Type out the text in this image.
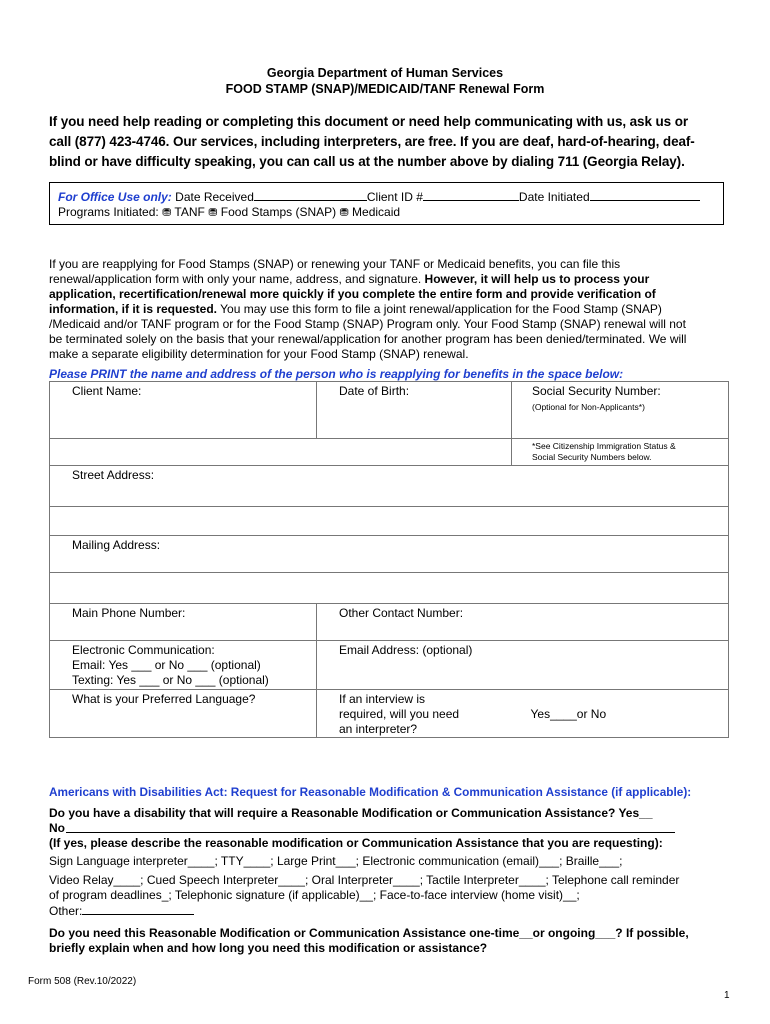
Georgia Department of Human Services
FOOD STAMP (SNAP)/MEDICAID/TANF Renewal Form
If you need help reading or completing this document or need help communicating with us, ask us or
call (877) 423-4746. Our services, including interpreters, are free. If you are deaf, hard-of-hearing, deaf-
blind or have difficulty speaking, you can call us at the number above by dialing 711 (Georgia Relay).
For Office Use only: Date Received	Client ID #	Date Initiated
Programs Initiated: ⛃ TANF ⛃ Food Stamps (SNAP) ⛃ Medicaid
If you are reapplying for Food Stamps (SNAP) or renewing your TANF or Medicaid benefits, you can file this
renewal/application form with only your name, address, and signature. However, it will help us to process your
application, recertification/renewal more quickly if you complete the entire form and provide verification of
information, if it is requested. You may use this form to file a joint renewal/application for the Food Stamp (SNAP)
/Medicaid and/or TANF program or for the Food Stamp (SNAP) Program only. Your Food Stamp (SNAP) renewal will not
be terminated solely on the basis that your renewal/application for another program has been denied/terminated. We will
make a separate eligibility determination for your Food Stamp (SNAP) renewal.
Please PRINT the name and address of the person who is reapplying for benefits in the space below:
Client Name:	Date of Birth:	Social Security Number:
(Optional for Non-Applicants*)

		*See Citizenship Immigration Status &
Social Security Numbers below.

Street Address:		

Mailing Address:		

Main Phone Number:	Other Contact Number:	

Electronic Communication:
Email: Yes ___ or No ___ (optional)
Texting: Yes ___ or No ___ (optional)	Email Address: (optional)	

What is your Preferred Language?	If an interview is
required, will you need
an interpreter?	Yes____or No
Americans with Disabilities Act: Request for Reasonable Modification & Communication Assistance (if applicable):
Do you have a disability that will require a Reasonable Modification or Communication Assistance? Yes__
No
(If yes, please describe the reasonable modification or Communication Assistance that you are requesting):
Sign Language interpreter____; TTY____; Large Print___; Electronic communication (email)___; Braille___;
Video Relay____; Cued Speech Interpreter____; Oral Interpreter____; Tactile Interpreter____; Telephone call reminder
of program deadlines_; Telephonic signature (if applicable)__; Face-to-face interview (home visit)__;
Other:
Do you need this Reasonable Modification or Communication Assistance one-time__or ongoing___? If possible,
briefly explain when and how long you need this modification or assistance?
Form 508 (Rev.10/2022)
1
